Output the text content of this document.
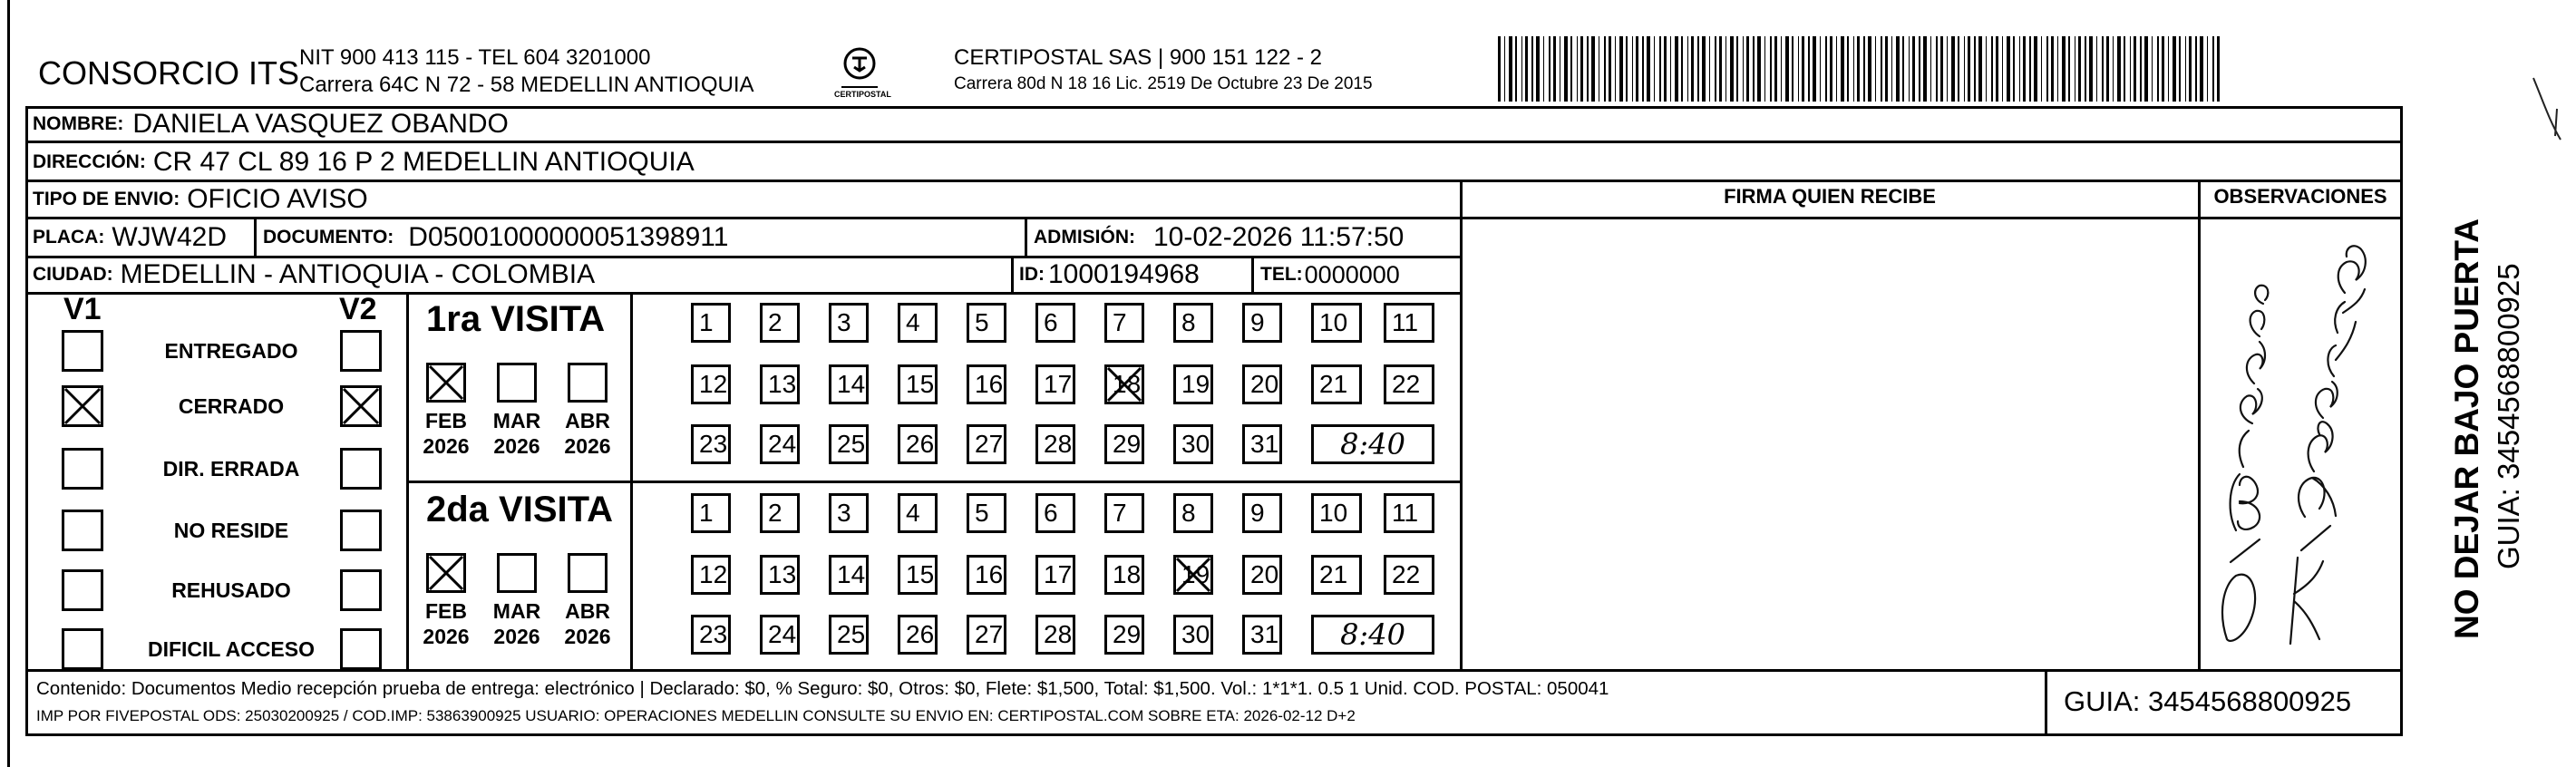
CONSORCIO ITS NIT 900 413 115 - TEL 604 3201000
Carrera 64C N 72 - 58 MEDELLIN ANTIOQUIA	CERTIPOSTAL
CERTIPOSTAL SAS | 900 151 122 - 2
Carrera 80d N 18 16 Lic. 2519 De Octubre 23 De 2015
NOMBRE: DANIELA VASQUEZ OBANDO
DIRECCIÓN: CR 47 CL 89 16 P 2 MEDELLIN ANTIOQUIA
TIPO DE ENVIO: OFICIO AVISO	FIRMA QUIEN RECIBE	OBSERVACIONES
PLACA: WJW42D DOCUMENTO: D05001000000051398911	ADMISIÓN: 10-02-2026 11:57:50
CIUDAD: MEDELLIN - ANTIOQUIA - COLOMBIA	ID: 1000194968	TEL: 0000000
V1	V2
ENTREGADO
CERRADO
DIR. ERRADA
NO RESIDE
REHUSADO
DIFICIL ACCESO
1ra VISITA
FEB
2026
MAR
2026
ABR
2026
1	2	3	4	5	6	7	8	9	10	11
12	13	14	15	16	17	18	19	20	21	22
23	24	25	26	27	28	29	30	31	8:40
2da VISITA
FEB
2026
MAR
2026
ABR
2026
1	2	3	4	5	6	7	8	9	10	11
12	13	14	15	16	17	18	19	20	21	22
23	24	25	26	27	28	29	30	31	8:40
Contenido: Documentos Medio recepción prueba de entrega: electrónico | Declarado: $0, % Seguro: $0, Otros: $0, Flete: $1,500, Total: $1,500. Vol.: 1*1*1. 0.5 1 Unid. COD. POSTAL: 050041
IMP POR FIVEPOSTAL ODS: 25030200925 / COD.IMP: 53863900925 USUARIO: OPERACIONES MEDELLIN CONSULTE SU ENVIO EN: CERTIPOSTAL.COM SOBRE ETA: 2026-02-12 D+2	GUIA: 3454568800925
NO DEJAR BAJO PUERTA GUIA: 3454568800925
